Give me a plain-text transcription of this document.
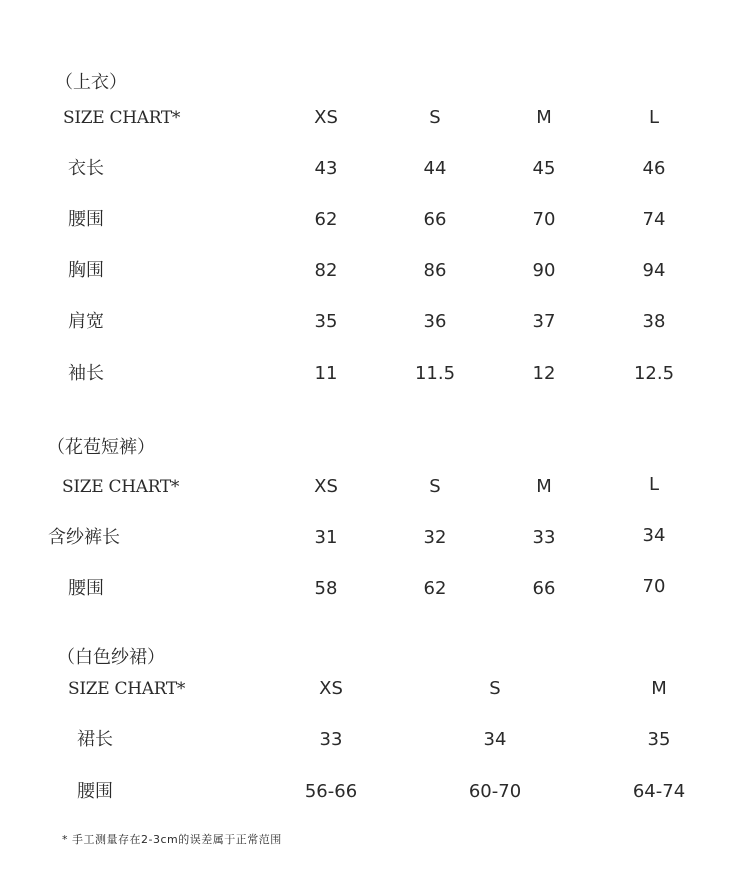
（上衣）
SIZE CHART*	XS	S	M	L
衣长	43	44	45	46
腰围	62	66	70	74
胸围	82	86	90	94
肩宽	35	36	37	38
袖长	11	11.5	12	12.5
（花苞短裤）
SIZE CHART*	XS	S	M	L
含纱裤长	31	32	33	34
腰围	58	62	66	70
（白色纱裙）
SIZE CHART*	XS	S	M
裙长	33	34	35
腰围	56-66	60-70	64-74
* 手工测量存在2-3cm的误差属于正常范围
